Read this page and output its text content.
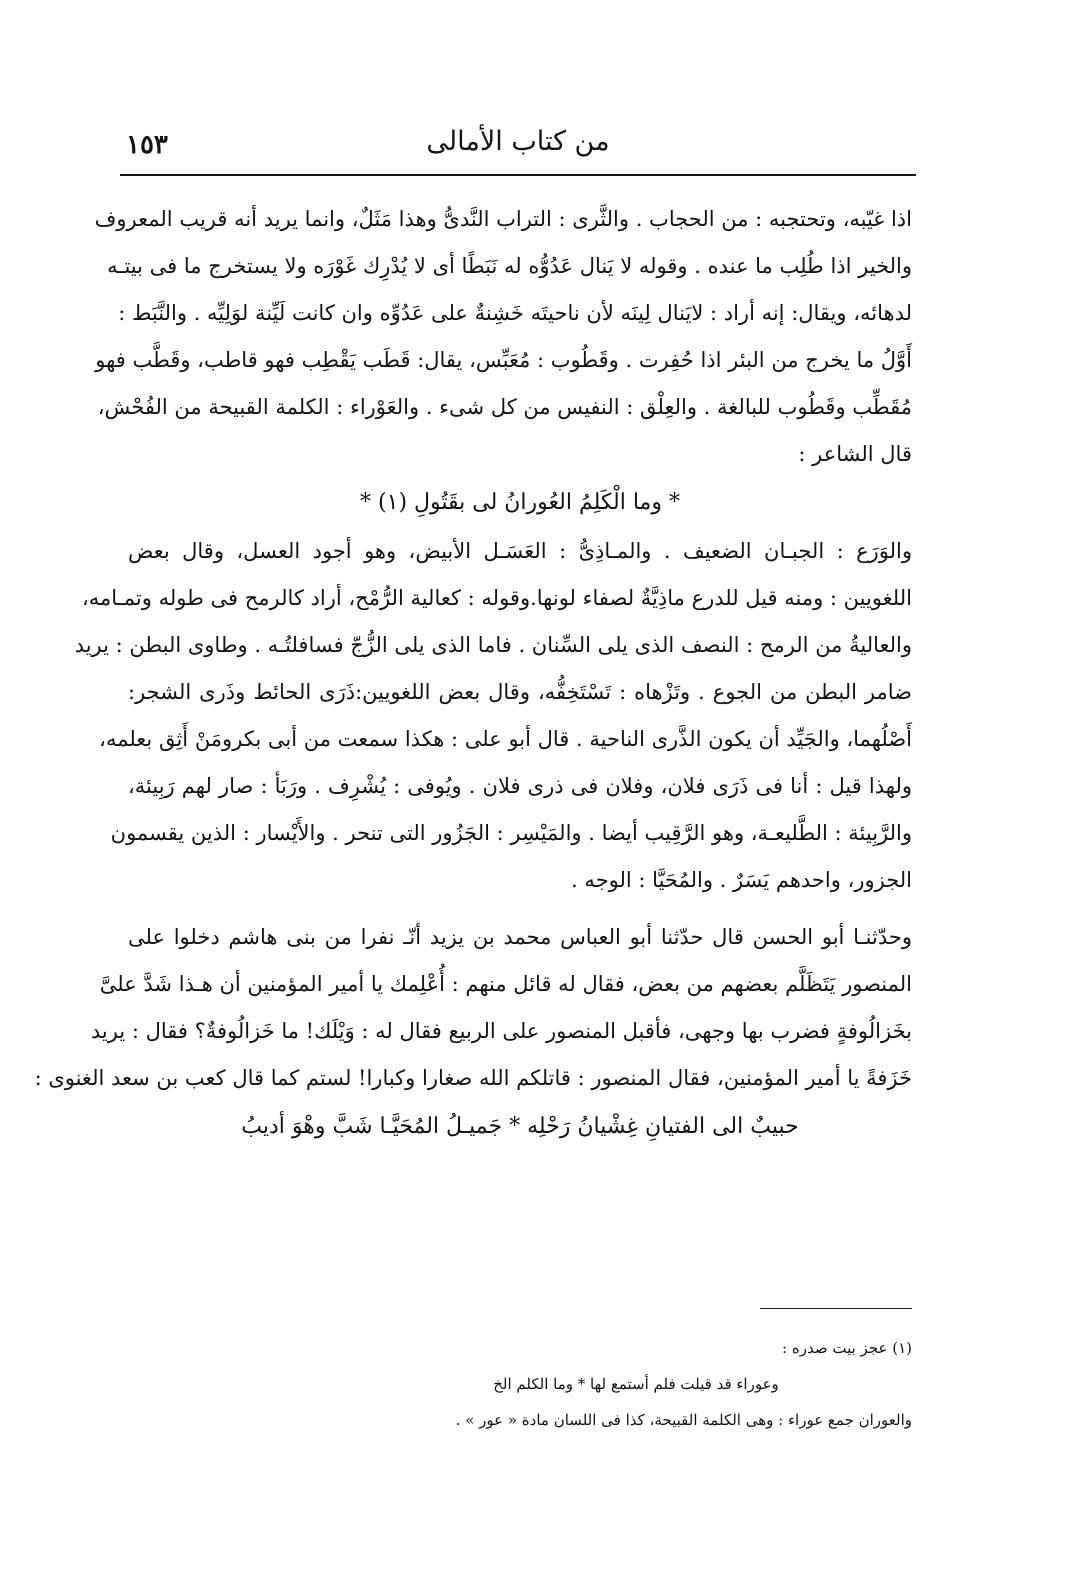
من كتاب الأمالى
١٥٣
اذا غيّبه، وتحتجبه : من الحجاب . والثَّرى : التراب النَّدىُّ وهذا مَثَلٌ، وانما يريد أنه قريب المعروف
والخير اذا طُلِب ما عنده . وقوله لا يَنال عَدُوُّه له نَبَطًا أى لا يُدْرِك غَوْرَه ولا يستخرج ما فى بيتـه
لدهائه، ويقال: إنه أراد : لايَنال لِينَه لأن ناحيتَه خَشِنةٌ على عَدُوِّه وان كانت لَيِّنة لوَلِيِّه . والنَّبَط :
أَوَّلُ ما يخرج من البئر اذا حُفِرت . وقَطُوب : مُعَبِّس، يقال: قَطَب يَقْطِب فهو قاطب، وقَطَّب فهو
مُقَطِّب وقَطُوب للبالغة . والعِلْق : النفيس من كل شىء . والعَوْراء : الكلمة القبيحة من الفُحْش،
قال الشاعر :
* وما الْكَلِمُ العُورانُ لى بقَتُولِ (١) *
والوَرَع : الجبـان الضعيف . والمـاذِىُّ : العَسَـل الأبيض، وهو أجود العسل، وقال بعض
اللغويين : ومنه قيل للدرع ماذِيَّةٌ لصفاء لونها.وقوله : كعالية الرُّمْح، أراد كالرمح فى طوله وتمـامه،
والعاليةُ من الرمح : النصف الذى يلى السِّنان . فاما الذى يلى الزُّجّ فسافلتُـه . وطاوى البطن : يريد
ضامر البطن من الجوع . وتَزْهاه : تَسْتَخِفُّه، وقال بعض اللغويين:ذَرَى الحائط وذَرى الشجر:
أَصْلُهما، والجَيِّد أن يكون الذَّرى الناحية . قال أبو على : هكذا سمعت من أبى بكرومَنْ أَثِق بعلمه،
ولهذا قيل : أنا فى ذَرَى فلان، وفلان فى ذرى فلان . ويُوفى : يُشْرِف . ورَبَأ : صار لهم رَبِيئة،
والرَّبِيئة : الطَّليعـة، وهو الرَّقِيب أيضا . والمَيْسِر : الجَزُور التى تنحر . والأَيْسار : الذين يقسمون
الجزور، واحدهم يَسَرٌ . والمُحَيَّا : الوجه .
وحدّثنـا أبو الحسن قال حدّثنا أبو العباس محمد بن يزيد أنّـ نفرا من بنى هاشم دخلوا على
المنصور يَتَظَلَّم بعضهم من بعض، فقال له قائل منهم : أُعْلِمك يا أمير المؤمنين أن هـذا شَدَّ علىَّ
بخَزالُوفةٍ فضرب بها وجهى، فأقبل المنصور على الربيع فقال له : وَيْلَك! ما خَزالُوفةٌ؟ فقال : يريد
خَزَفةً يا أمير المؤمنين، فقال المنصور : قاتلكم الله صغارا وكبارا! لستم كما قال كعب بن سعد الغنوى :
حبيبٌ الى الفتيانِ غِشْيانُ رَحْلِه * جَميـلُ المُحَيَّـا شَبَّ وهْوَ أديبُ
(١) عجز بيت صدره :
وعوراء قد قيلت فلم أستمع لها * وما الكلم الخ
والعوران جمع عوراء : وهى الكلمة القبيحة، كذا فى اللسان مادة « عور » .
